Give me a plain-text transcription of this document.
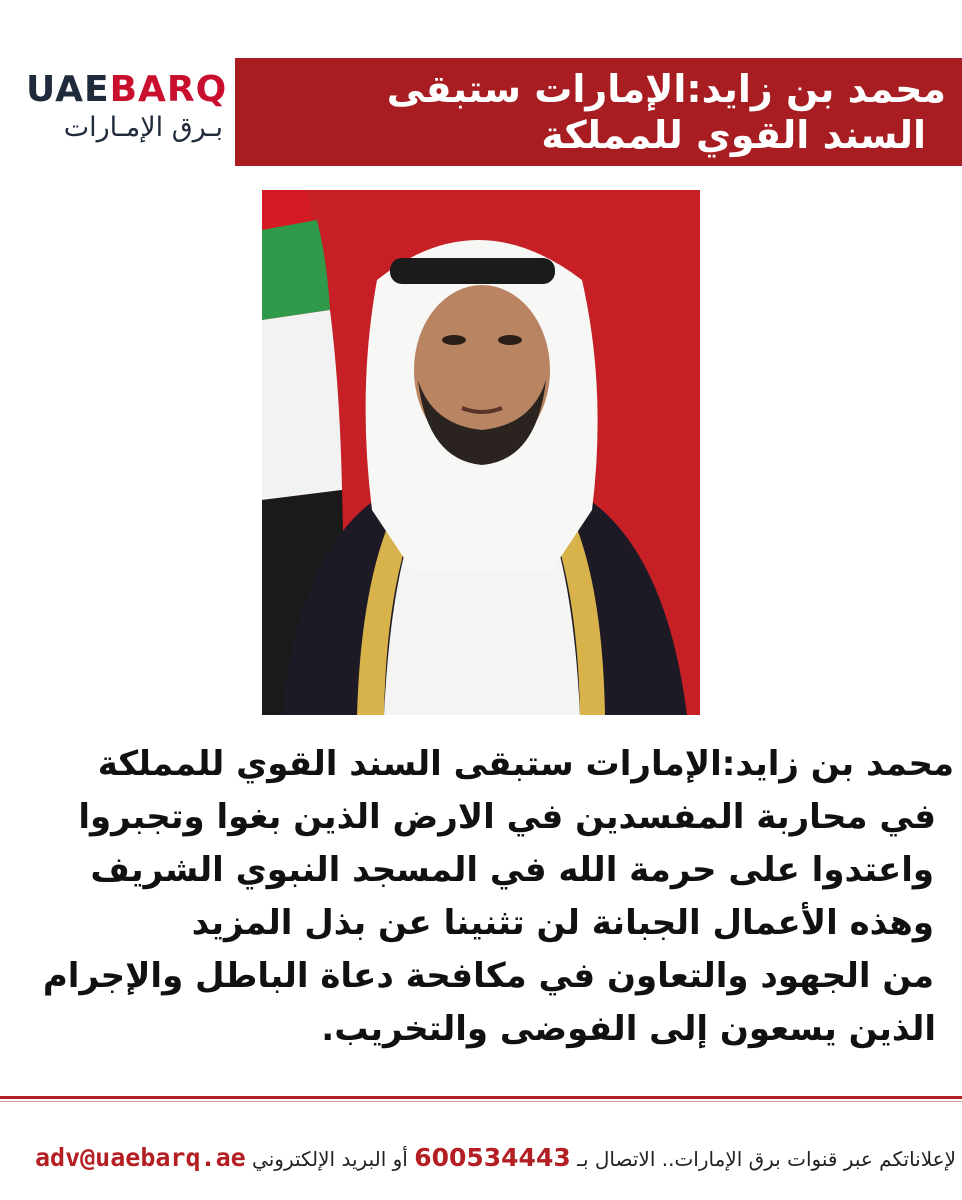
UAEBARQ
بـرق الإمـارات
محمد بن زايد:الإمارات ستبقى
السند القوي للمملكة
محمد بن زايد:الإمارات ستبقى السند القوي للمملكة
في محاربة المفسدين في الارض الذين بغوا وتجبروا
واعتدوا على حرمة الله في المسجد النبوي الشريف
وهذه الأعمال الجبانة لن تثنينا عن بذل المزيد
من الجهود والتعاون في مكافحة دعاة الباطل والإجرام
الذين يسعون إلى الفوضى والتخريب.
لإعلاناتكم عبر قنوات برق الإمارات.. الاتصال بـ 600534443 أو البريد الإلكتروني adv@uaebarq.ae
